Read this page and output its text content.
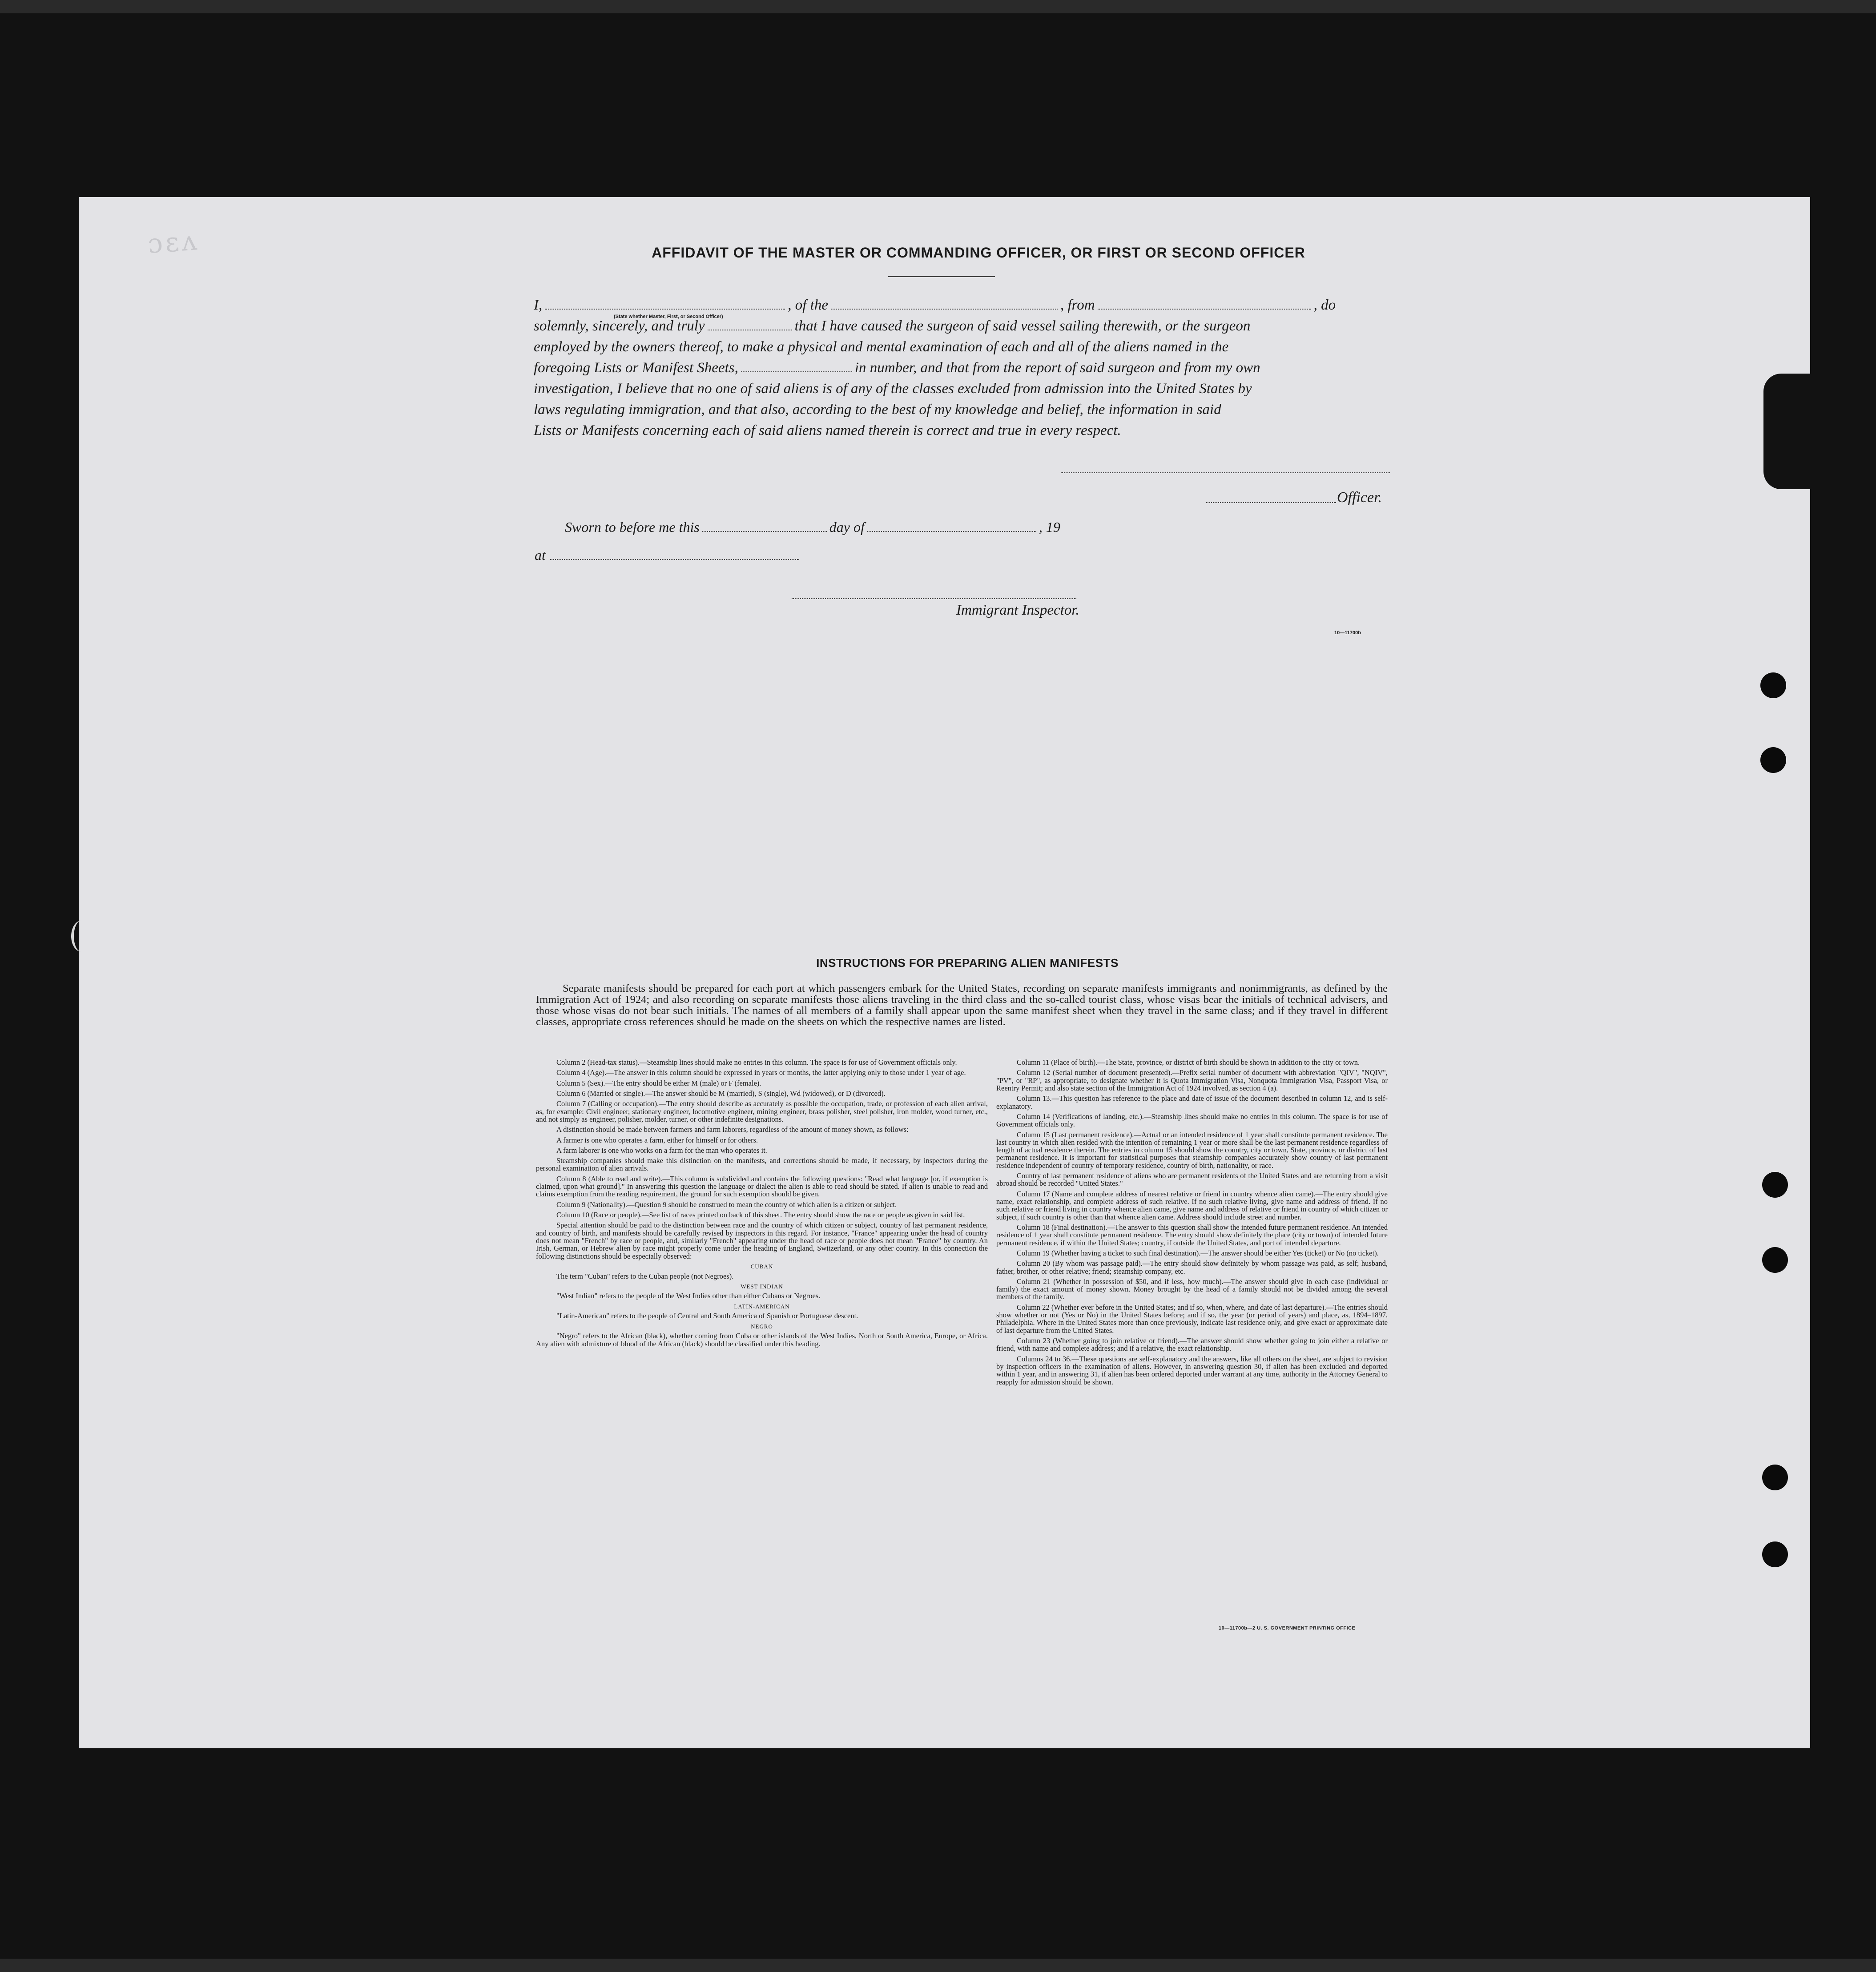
ɔɛʌ	AFFIDAVIT OF THE MASTER OR COMMANDING OFFICER, OR FIRST OR SECOND OFFICER
I,	, of the	, from	, do
(State whether Master, First, or Second Officer)
solemnly, sincerely, and truly	that I have caused the surgeon of said vessel sailing therewith, or the surgeon
employed by the owners thereof, to make a physical and mental examination of each and all of the aliens named in the
foregoing Lists or Manifest Sheets,	in number, and that from the report of said surgeon and from my own
investigation, I believe that no one of said aliens is of any of the classes excluded from admission into the United States by
laws regulating immigration, and that also, according to the best of my knowledge and belief, the information in said
Lists or Manifests concerning each of said aliens named therein is correct and true in every respect.
Officer.
Sworn to before me this	day of	, 19
at
Immigrant Inspector.
10—11700b
INSTRUCTIONS FOR PREPARING ALIEN MANIFESTS
Separate manifests should be prepared for each port at which passengers embark for the United States, recording on separate manifests immigrants and nonimmigrants, as defined by the Immigration Act of 1924; and also recording on separate manifests those aliens traveling in the third class and the so-called tourist class, whose visas bear the initials of technical advisers, and those whose visas do not bear such initials. The names of all members of a family shall appear upon the same manifest sheet when they travel in the same class; and if they travel in different classes, appropriate cross references should be made on the sheets on which the respective names are listed.

Column 2 (Head-tax status).—Steamship lines should make no entries in this column. The space is for use of Government officials only.

Column 4 (Age).—The answer in this column should be expressed in years or months, the latter applying only to those under 1 year of age.

Column 5 (Sex).—The entry should be either M (male) or F (female).

Column 6 (Married or single).—The answer should be M (married), S (single), Wd (widowed), or D (divorced).

Column 7 (Calling or occupation).—The entry should describe as accurately as possible the occupation, trade, or profession of each alien arrival, as, for example: Civil engineer, stationary engineer, locomotive engineer, mining engineer, brass polisher, steel polisher, iron molder, wood turner, etc., and not simply as engineer, polisher, molder, turner, or other indefinite designations.

A distinction should be made between farmers and farm laborers, regardless of the amount of money shown, as follows:

A farmer is one who operates a farm, either for himself or for others.

A farm laborer is one who works on a farm for the man who operates it.

Steamship companies should make this distinction on the manifests, and corrections should be made, if necessary, by inspectors during the personal examination of alien arrivals.

Column 8 (Able to read and write).—This column is subdivided and contains the following questions: "Read what language [or, if exemption is claimed, upon what ground]." In answering this question the language or dialect the alien is able to read should be stated. If alien is unable to read and claims exemption from the reading requirement, the ground for such exemption should be given.

Column 9 (Nationality).—Question 9 should be construed to mean the country of which alien is a citizen or subject.

Column 10 (Race or people).—See list of races printed on back of this sheet. The entry should show the race or people as given in said list.

Special attention should be paid to the distinction between race and the country of which citizen or subject, country of last permanent residence, and country of birth, and manifests should be carefully revised by inspectors in this regard. For instance, "France" appearing under the head of country does not mean "French" by race or people, and, similarly "French" appearing under the head of race or people does not mean "France" by country. An Irish, German, or Hebrew alien by race might properly come under the heading of England, Switzerland, or any other country. In this connection the following distinctions should be especially observed:

CUBAN

The term "Cuban" refers to the Cuban people (not Negroes).

WEST INDIAN

"West Indian" refers to the people of the West Indies other than either Cubans or Negroes.

LATIN-AMERICAN

"Latin-American" refers to the people of Central and South America of Spanish or Portuguese descent.

NEGRO

"Negro" refers to the African (black), whether coming from Cuba or other islands of the West Indies, North or South America, Europe, or Africa. Any alien with admixture of blood of the African (black) should be classified under this heading.

Column 11 (Place of birth).—The State, province, or district of birth should be shown in addition to the city or town.

Column 12 (Serial number of document presented).—Prefix serial number of document with abbreviation "QIV", "NQIV", "PV", or "RP", as appropriate, to designate whether it is Quota Immigration Visa, Nonquota Immigration Visa, Passport Visa, or Reentry Permit; and also state section of the Immigration Act of 1924 involved, as section 4 (a).

Column 13.—This question has reference to the place and date of issue of the document described in column 12, and is self-explanatory.

Column 14 (Verifications of landing, etc.).—Steamship lines should make no entries in this column. The space is for use of Government officials only.

Column 15 (Last permanent residence).—Actual or an intended residence of 1 year shall constitute permanent residence. The last country in which alien resided with the intention of remaining 1 year or more shall be the last permanent residence regardless of length of actual residence therein. The entries in column 15 should show the country, city or town, State, province, or district of last permanent residence. It is important for statistical purposes that steamship companies accurately show country of last permanent residence independent of country of temporary residence, country of birth, nationality, or race.

Country of last permanent residence of aliens who are permanent residents of the United States and are returning from a visit abroad should be recorded "United States."

Column 17 (Name and complete address of nearest relative or friend in country whence alien came).—The entry should give name, exact relationship, and complete address of such relative. If no such relative living, give name and address of friend. If no such relative or friend living in country whence alien came, give name and address of relative or friend in country of which citizen or subject, if such country is other than that whence alien came. Address should include street and number.

Column 18 (Final destination).—The answer to this question shall show the intended future permanent residence. An intended residence of 1 year shall constitute permanent residence. The entry should show definitely the place (city or town) of intended future permanent residence, if within the United States; country, if outside the United States, and port of intended departure.

Column 19 (Whether having a ticket to such final destination).—The answer should be either Yes (ticket) or No (no ticket).

Column 20 (By whom was passage paid).—The entry should show definitely by whom passage was paid, as self; husband, father, brother, or other relative; friend; steamship company, etc.

Column 21 (Whether in possession of $50, and if less, how much).—The answer should give in each case (individual or family) the exact amount of money shown. Money brought by the head of a family should not be divided among the several members of the family.

Column 22 (Whether ever before in the United States; and if so, when, where, and date of last departure).—The entries should show whether or not (Yes or No) in the United States before; and if so, the year (or period of years) and place, as, 1894–1897, Philadelphia. Where in the United States more than once previously, indicate last residence only, and give exact or approximate date of last departure from the United States.

Column 23 (Whether going to join relative or friend).—The answer should show whether going to join either a relative or friend, with name and complete address; and if a relative, the exact relationship.

Columns 24 to 36.—These questions are self-explanatory and the answers, like all others on the sheet, are subject to revision by inspection officers in the examination of aliens. However, in answering question 30, if alien has been excluded and deported within 1 year, and in answering 31, if alien has been ordered deported under warrant at any time, authority in the Attorney General to reapply for admission should be shown.

10—11700b—2 U. S. GOVERNMENT PRINTING OFFICE
